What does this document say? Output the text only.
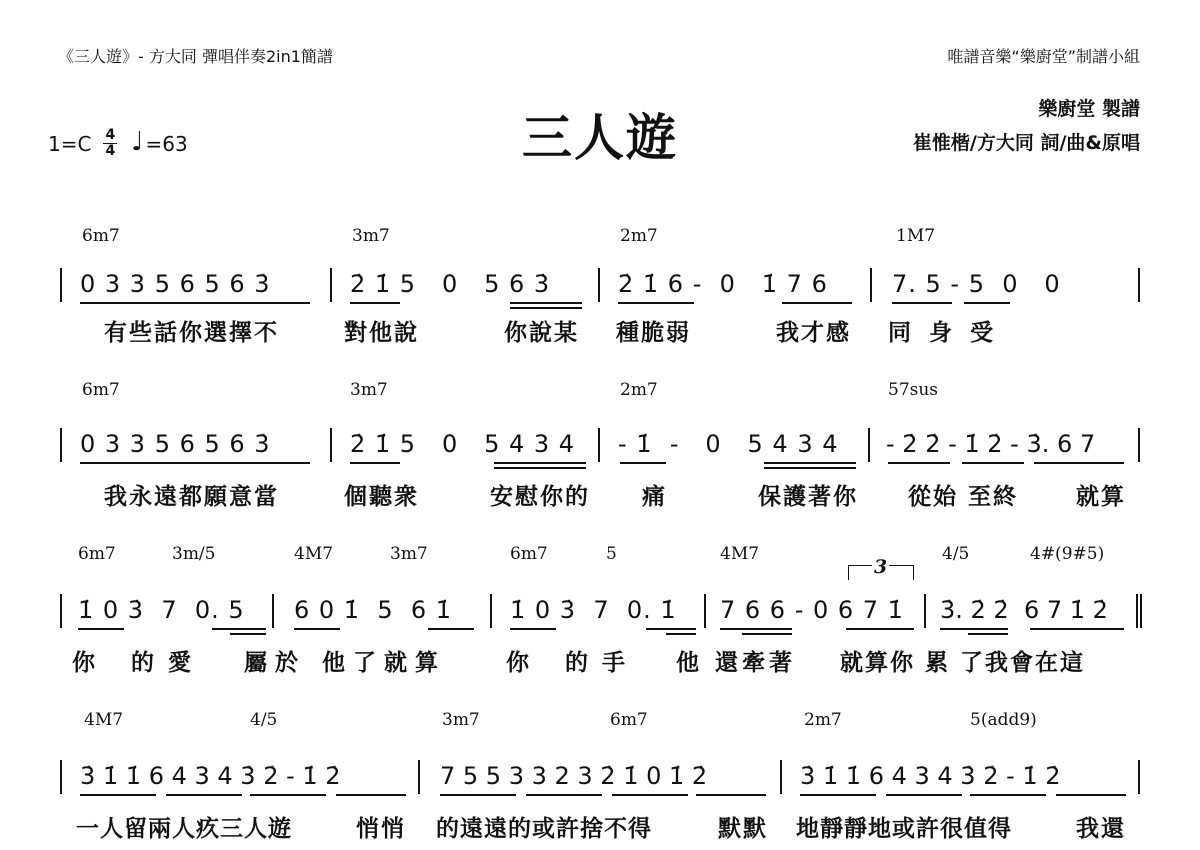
《三人遊》- 方大同 彈唱伴奏2in1簡譜	唯譜音樂“樂廚堂”制譜小組
三人遊	樂廚堂 製譜
崔惟楷/方大同 詞/曲&原唱
1=C 4
4 ♩ =63
6m7	3m7	2m7	1M7
0 3 3 5 6 5 6 3̇	2̇ 1̇ 5   0   5 6 3̇	2̇ 1̇ 6 -  0   1̇ 7 6	7. 5 - 5  0   0
有些話你選擇不	對他說	你說某 種脆弱	我才感 同身受
6m7	3m7	2m7	57sus
0 3 3 5 6 5 6 3̇	2̇ 1̇ 5   0   5 4 3 4 - 1̇  -   0   5 4 3 4 - 2̇ 2̇ - 1̇ 2̇ - 3̇. 6 7
我永遠都願意當	個聽衆	安慰你的 痛	保護著你 從始 至終	就算
6m7	3m/5	4M7	3m7	6m7	5	4M7	4/5	4#(9#5)
3
1̇ 0 3̇  7  0. 5 6 0 1̇  5  6 1̇ 1̇ 0 3̇  7  0. 1̇ 7 6 6 - 0 6 7 1̇ 3̇. 2̇ 2̇  6 7 1̇ 2̇
你 的愛 屬於 他了就算	你 的手 他 還牽著 就算你 累 了我會在這
4M7	4/5	3m7	6m7	2m7	5(add9)
3̇ 1̇ 1̇ 6 4 3 4 3̇ 2̇ - 1̇ 2̇	7 5 5 3 3 2 3 2̇ 1̇ 0 1̇ 2̇	3̇ 1̇ 1̇ 6 4 3 4 3̇ 2̇ - 1̇ 2̇
一人留兩人疚三人遊	悄悄 的遠遠的或許捨不得	默默 地靜靜地或許很值得	我還
